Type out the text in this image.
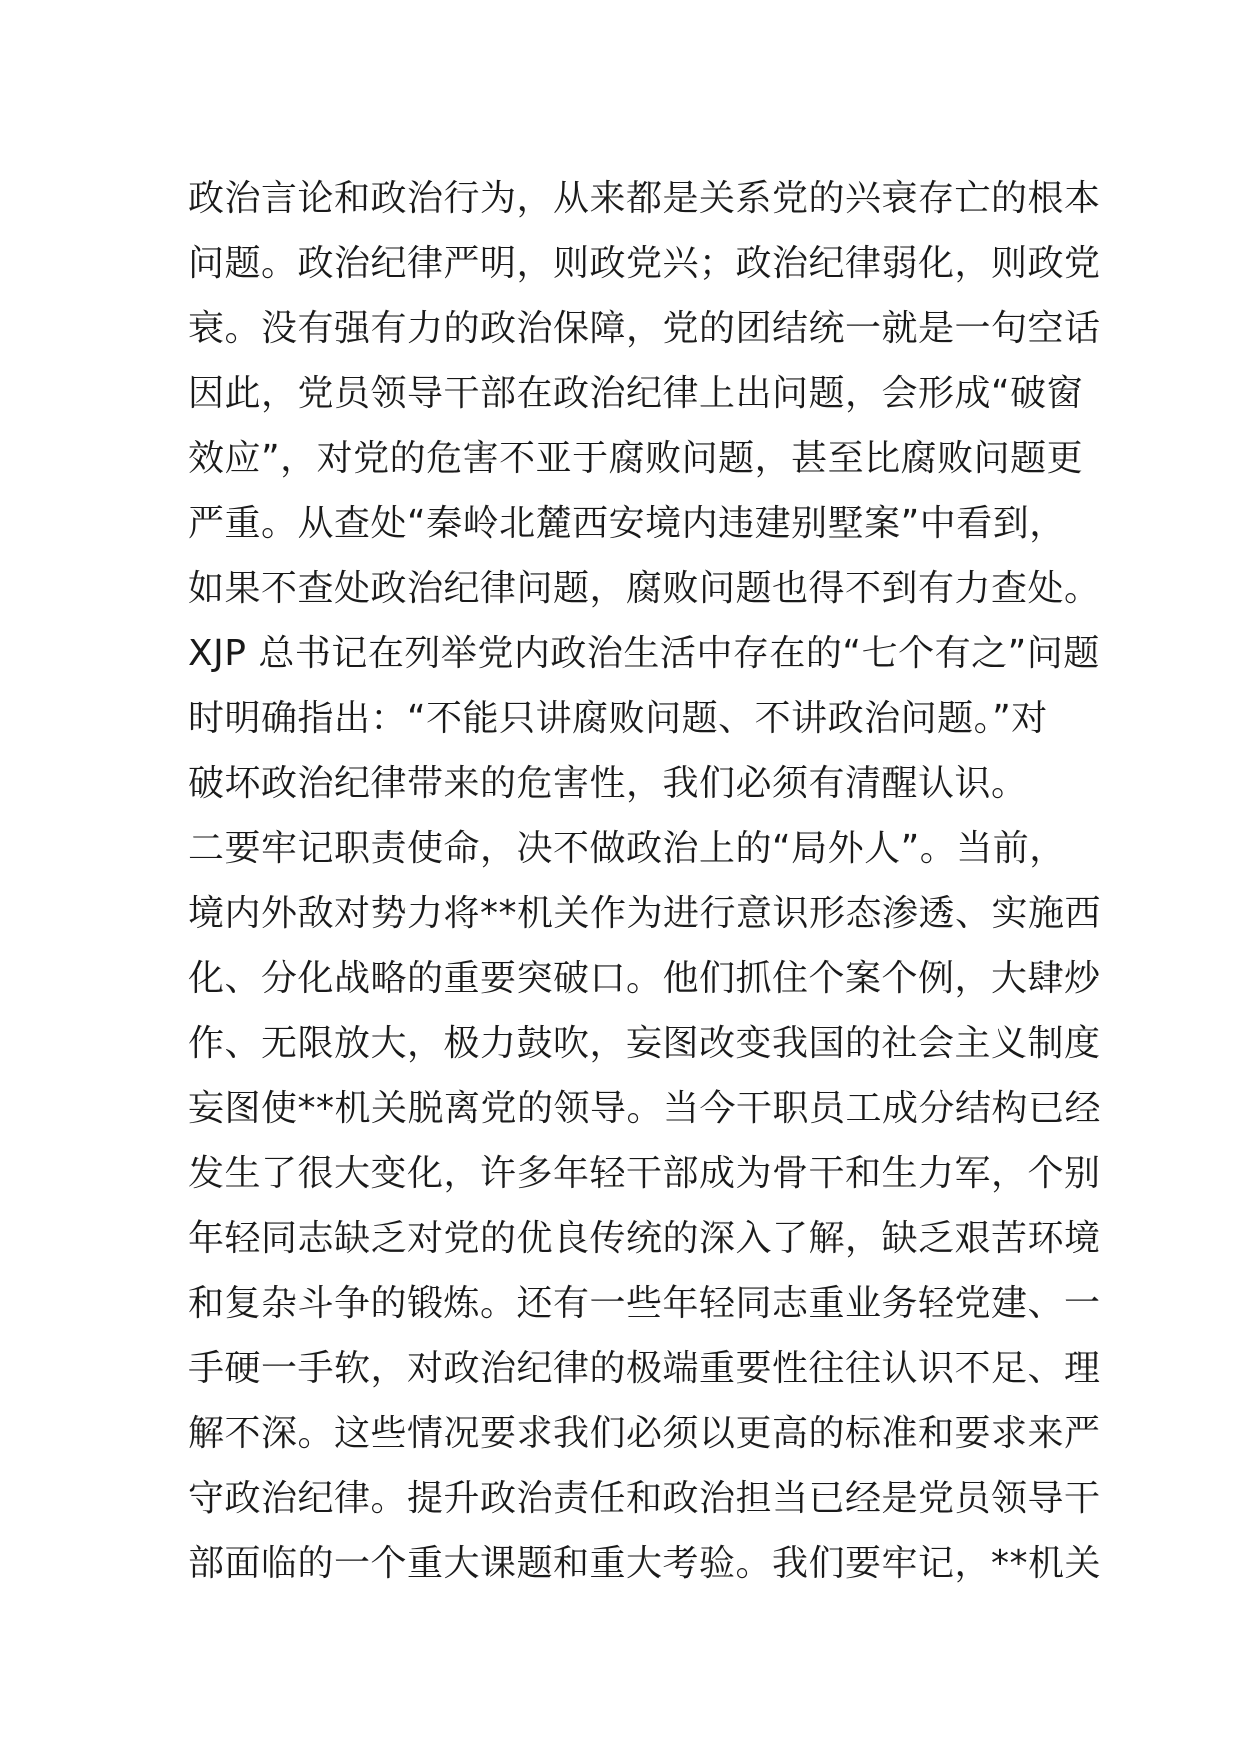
政治言论和政治行为，从来都是关系党的兴衰存亡的根本
问题。政治纪律严明，则政党兴；政治纪律弱化，则政党
衰。没有强有力的政治保障，党的团结统一就是一句空话
因此，党员领导干部在政治纪律上出问题，会形成“破窗
效应”，对党的危害不亚于腐败问题，甚至比腐败问题更
严重。从查处“秦岭北麓西安境内违建别墅案”中看到，
如果不查处政治纪律问题，腐败问题也得不到有力查处。
XJP 总书记在列举党内政治生活中存在的“七个有之”问题
时明确指出：“不能只讲腐败问题、不讲政治问题。”对
破坏政治纪律带来的危害性，我们必须有清醒认识。
二要牢记职责使命，决不做政治上的“局外人”。当前，
境内外敌对势力将**机关作为进行意识形态渗透、实施西
化、分化战略的重要突破口。他们抓住个案个例，大肆炒
作、无限放大，极力鼓吹，妄图改变我国的社会主义制度
妄图使**机关脱离党的领导。当今干职员工成分结构已经
发生了很大变化，许多年轻干部成为骨干和生力军，个别
年轻同志缺乏对党的优良传统的深入了解，缺乏艰苦环境
和复杂斗争的锻炼。还有一些年轻同志重业务轻党建、一
手硬一手软，对政治纪律的极端重要性往往认识不足、理
解不深。这些情况要求我们必须以更高的标准和要求来严
守政治纪律。提升政治责任和政治担当已经是党员领导干
部面临的一个重大课题和重大考验。我们要牢记，**机关
